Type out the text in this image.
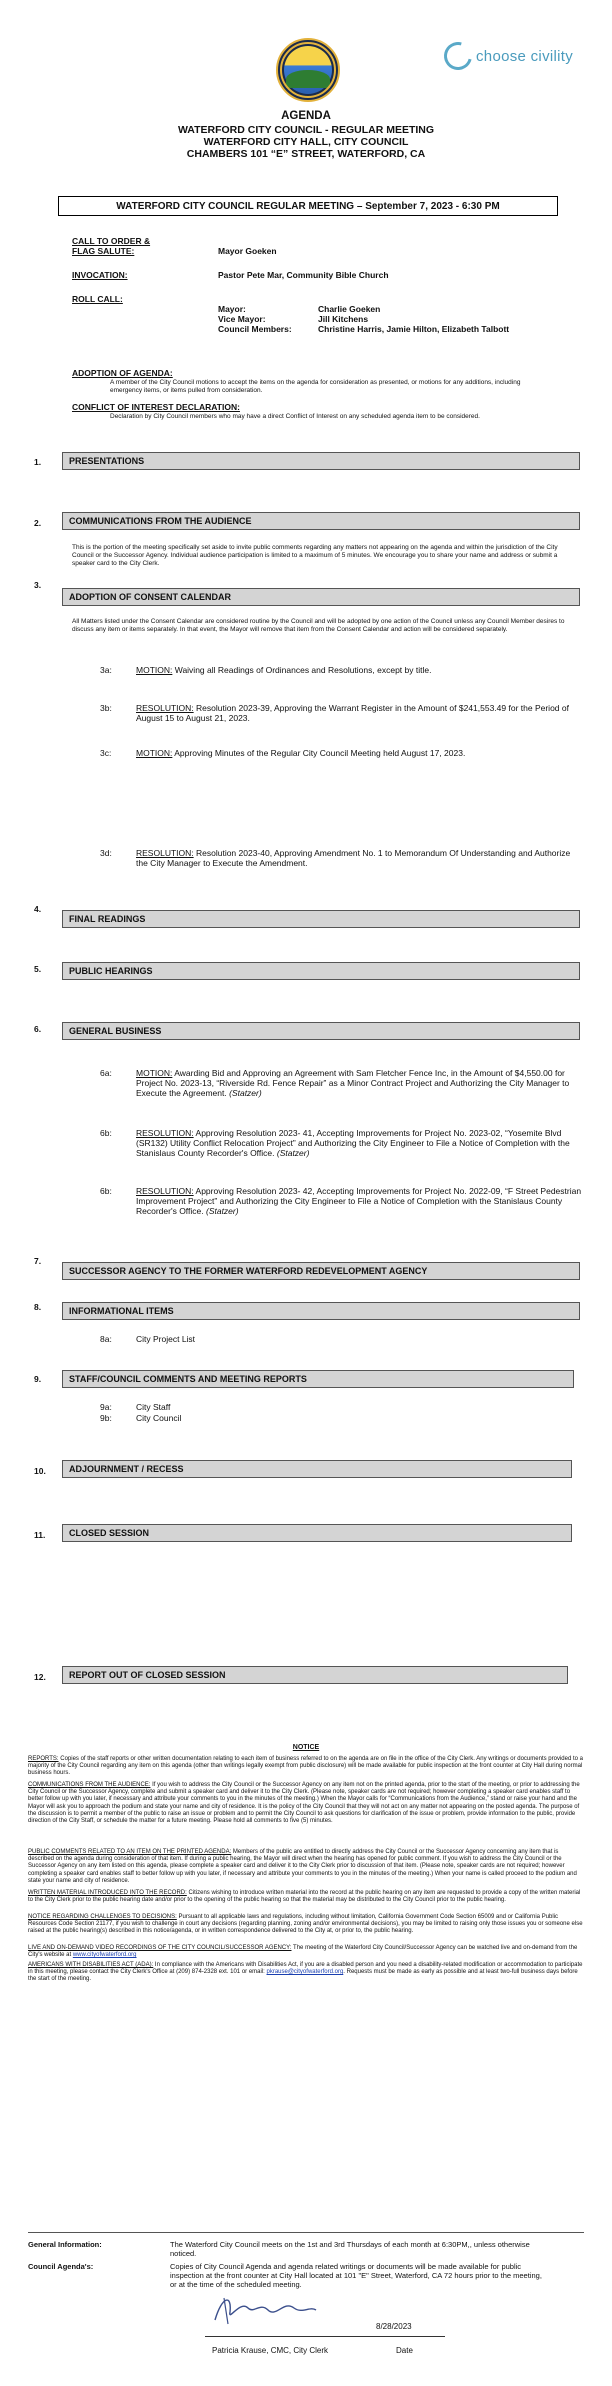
choose civility
AGENDA
WATERFORD CITY COUNCIL - REGULAR MEETING
WATERFORD CITY HALL, CITY COUNCIL
CHAMBERS 101 “E” STREET, WATERFORD, CA
WATERFORD CITY COUNCIL REGULAR MEETING – September 7, 2023 - 6:30 PM
CALL TO ORDER &
FLAG SALUTE:	Mayor Goeken
INVOCATION:	Pastor Pete Mar, Community Bible Church
ROLL CALL:
Mayor:	Charlie Goeken
Vice Mayor:	Jill Kitchens
Council Members:	Christine Harris, Jamie Hilton, Elizabeth Talbott
ADOPTION OF AGENDA:
A member of the City Council motions to accept the items on the agenda for consideration as presented, or motions for any additions, including emergency items, or items pulled from consideration.
CONFLICT OF INTEREST DECLARATION:
Declaration by City Council members who may have a direct Conflict of Interest on any scheduled agenda item to be considered.
1.	PRESENTATIONS
2.	COMMUNICATIONS FROM THE AUDIENCE
This is the portion of the meeting specifically set aside to invite public comments regarding any matters not appearing on the agenda and within the jurisdiction of the City Council or the Successor Agency. Individual audience participation is limited to a maximum of 5 minutes. We encourage you to share your name and address or submit a speaker card to the City Clerk.
3.
ADOPTION OF CONSENT CALENDAR
All Matters listed under the Consent Calendar are considered routine by the Council and will be adopted by one action of the Council unless any Council Member desires to discuss any item or items separately. In that event, the Mayor will remove that item from the Consent Calendar and action will be considered separately.
3a:	MOTION: Waiving all Readings of Ordinances and Resolutions, except by title.
3b:	RESOLUTION: Resolution 2023-39, Approving the Warrant Register in the Amount of $241,553.49 for the Period of August 15 to August 21, 2023.
3c:	MOTION: Approving Minutes of the Regular City Council Meeting held August 17, 2023.
3d:	RESOLUTION: Resolution 2023-40, Approving Amendment No. 1 to Memorandum Of Understanding and Authorize the City Manager to Execute the Amendment.
4.
FINAL READINGS
5.	PUBLIC HEARINGS
6.	GENERAL BUSINESS
6a:	MOTION: Awarding Bid and Approving an Agreement with Sam Fletcher Fence Inc, in the Amount of $4,550.00 for Project No. 2023-13, “Riverside Rd. Fence Repair” as a Minor Contract Project and Authorizing the City Manager to Execute the Agreement. (Statzer)
6b:	RESOLUTION: Approving Resolution 2023- 41, Accepting Improvements for Project No. 2023-02, “Yosemite Blvd (SR132) Utility Conflict Relocation Project” and Authorizing the City Engineer to File a Notice of Completion with the Stanislaus County Recorder's Office. (Statzer)
6b:	RESOLUTION: Approving Resolution 2023- 42, Accepting Improvements for Project No. 2022-09, “F Street Pedestrian Improvement Project” and Authorizing the City Engineer to File a Notice of Completion with the Stanislaus County Recorder's Office. (Statzer)
7.
SUCCESSOR AGENCY TO THE FORMER WATERFORD REDEVELOPMENT AGENCY
8.	INFORMATIONAL ITEMS
8a:	City Project List
9.	STAFF/COUNCIL COMMENTS AND MEETING REPORTS
9a:	City Staff
9b:	City Council
10.	ADJOURNMENT / RECESS
11.	CLOSED SESSION
12.	REPORT OUT OF CLOSED SESSION
NOTICE
REPORTS: Copies of the staff reports or other written documentation relating to each item of business referred to on the agenda are on file in the office of the City Clerk. Any writings or documents provided to a majority of the City Council regarding any item on this agenda (other than writings legally exempt from public disclosure) will be made available for public inspection at the front counter at City Hall during normal business hours.
COMMUNICATIONS FROM THE AUDIENCE: If you wish to address the City Council or the Successor Agency on any item not on the printed agenda, prior to the start of the meeting, or prior to addressing the City Council or the Successor Agency, complete and submit a speaker card and deliver it to the City Clerk. (Please note, speaker cards are not required; however completing a speaker card enables staff to better follow up with you later, if necessary and attribute your comments to you in the minutes of the meeting.) When the Mayor calls for “Communications from the Audience,” stand or raise your hand and the Mayor will ask you to approach the podium and state your name and city of residence. It is the policy of the City Council that they will not act on any matter not appearing on the posted agenda. The purpose of the discussion is to permit a member of the public to raise an issue or problem and to permit the City Council to ask questions for clarification of the issue or problem, provide information to the public, provide direction of the City Staff, or schedule the matter for a future meeting. Please hold all comments to five (5) minutes.
PUBLIC COMMENTS RELATED TO AN ITEM ON THE PRINTED AGENDA: Members of the public are entitled to directly address the City Council or the Successor Agency concerning any item that is described on the agenda during consideration of that item. If during a public hearing, the Mayor will direct when the hearing has opened for public comment. If you wish to address the City Council or the Successor Agency on any item listed on this agenda, please complete a speaker card and deliver it to the City Clerk prior to discussion of that item. (Please note, speaker cards are not required; however completing a speaker card enables staff to better follow up with you later, if necessary and attribute your comments to you in the minutes of the meeting.) When your name is called proceed to the podium and state your name and city of residence.
WRITTEN MATERIAL INTRODUCED INTO THE RECORD: Citizens wishing to introduce written material into the record at the public hearing on any item are requested to provide a copy of the written material to the City Clerk prior to the public hearing date and/or prior to the opening of the public hearing so that the material may be distributed to the City Council prior to the public hearing.
NOTICE REGARDING CHALLENGES TO DECISIONS: Pursuant to all applicable laws and regulations, including without limitation, California Government Code Section 65009 and or California Public Resources Code Section 21177, if you wish to challenge in court any decisions (regarding planning, zoning and/or environmental decisions), you may be limited to raising only those issues you or someone else raised at the public hearing(s) described in this notice/agenda, or in written correspondence delivered to the City at, or prior to, the public hearing.
LIVE AND ON-DEMAND VIDEO RECORDINGS OF THE CITY COUNCIL/SUCCESSOR AGENCY: The meeting of the Waterford City Council/Successor Agency can be watched live and on-demand from the City's website at www.cityofwaterford.org
AMERICANS WITH DISABILITIES ACT (ADA): In compliance with the Americans with Disabilities Act, if you are a disabled person and you need a disability-related modification or accommodation to participate in this meeting, please contact the City Clerk's Office at (209) 874-2328 ext. 101 or email: pkrause@cityofwaterford.org. Requests must be made as early as possible and at least two-full business days before the start of the meeting.
General Information:	The Waterford City Council meets on the 1st and 3rd Thursdays of each month at 6:30PM,, unless otherwise noticed.
Council Agenda's:	Copies of City Council Agenda and agenda related writings or documents will be made available for public inspection at the front counter at City Hall located at 101 "E" Street, Waterford, CA 72 hours prior to the meeting, or at the time of the scheduled meeting.
8/28/2023
Patricia Krause, CMC, City Clerk	Date
